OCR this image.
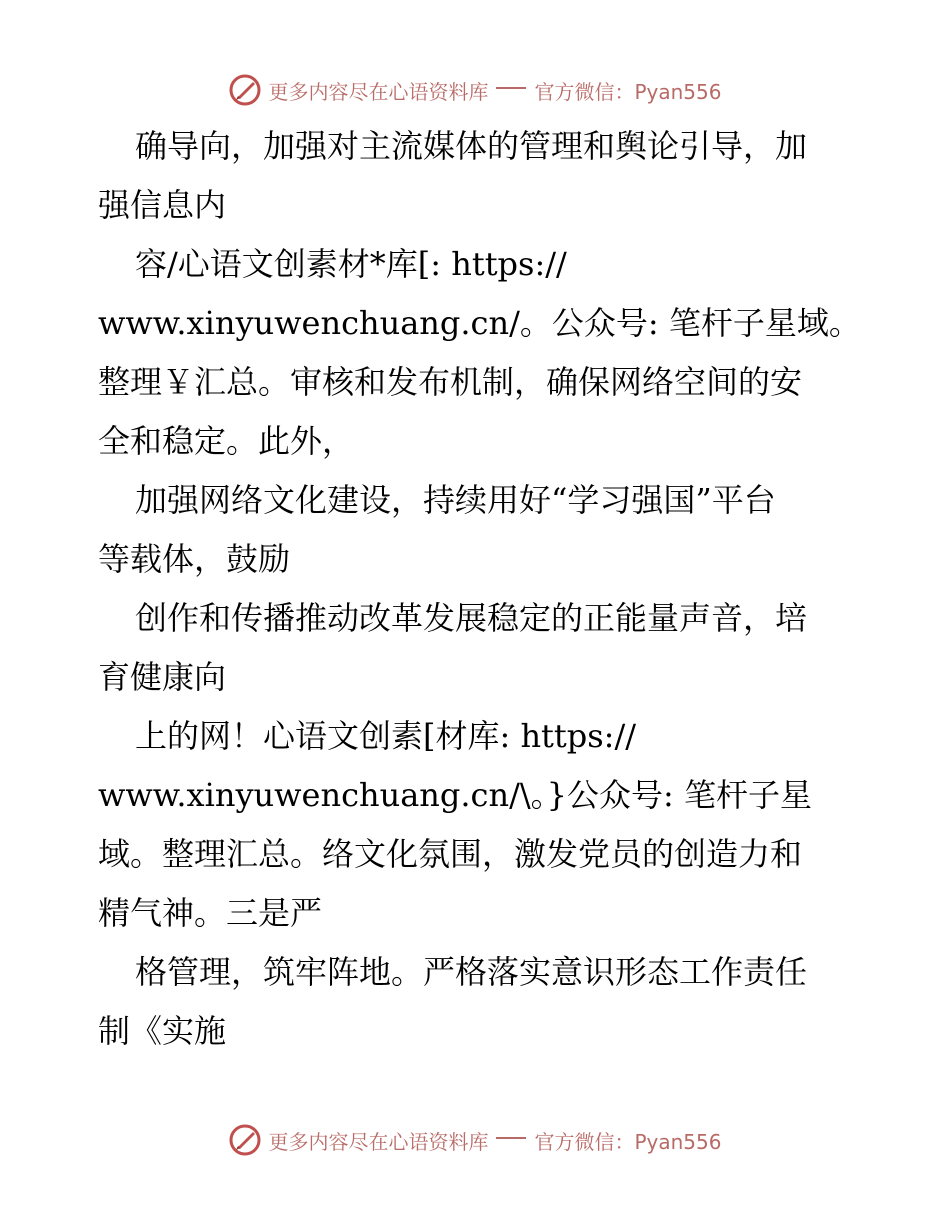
更多内容尽在心语资料库 官方微信：Pyan556
确导向，加强对主流媒体的管理和舆论引导，加
强信息内
容/心语文创素材*库[: https://
www.xinyuwenchuang.cn/。公众号: 笔杆子星域。
整理￥汇总。审核和发布机制，确保网络空间的安
全和稳定。此外，
加强网络文化建设，持续用好“学习强国”平台
等载体，鼓励
创作和传播推动改革发展稳定的正能量声音，培
育健康向
上的网！心语文创素[材库: https://
www.xinyuwenchuang.cn/\。}公众号: 笔杆子星
域。整理汇总。络文化氛围，激发党员的创造力和
精气神。三是严
格管理，筑牢阵地。严格落实意识形态工作责任
制《实施
更多内容尽在心语资料库 官方微信：Pyan556
